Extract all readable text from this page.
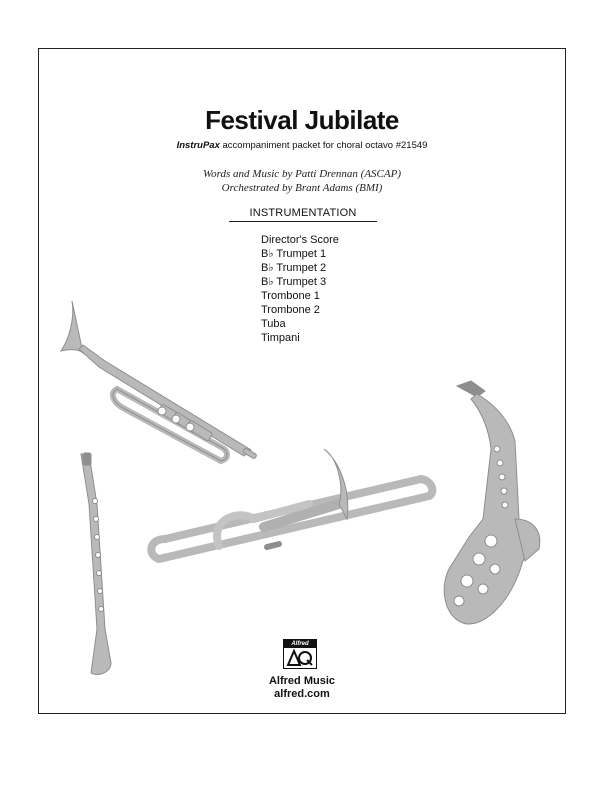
Festival Jubilate
InstruPax accompaniment packet for choral octavo #21549
Words and Music by Patti Drennan (ASCAP)
Orchestrated by Brant Adams (BMI)
INSTRUMENTATION
Director's Score
B♭ Trumpet 1
B♭ Trumpet 2
B♭ Trumpet 3
Trombone 1
Trombone 2
Tuba
Timpani
Alfred
Alfred Music
alfred.com
